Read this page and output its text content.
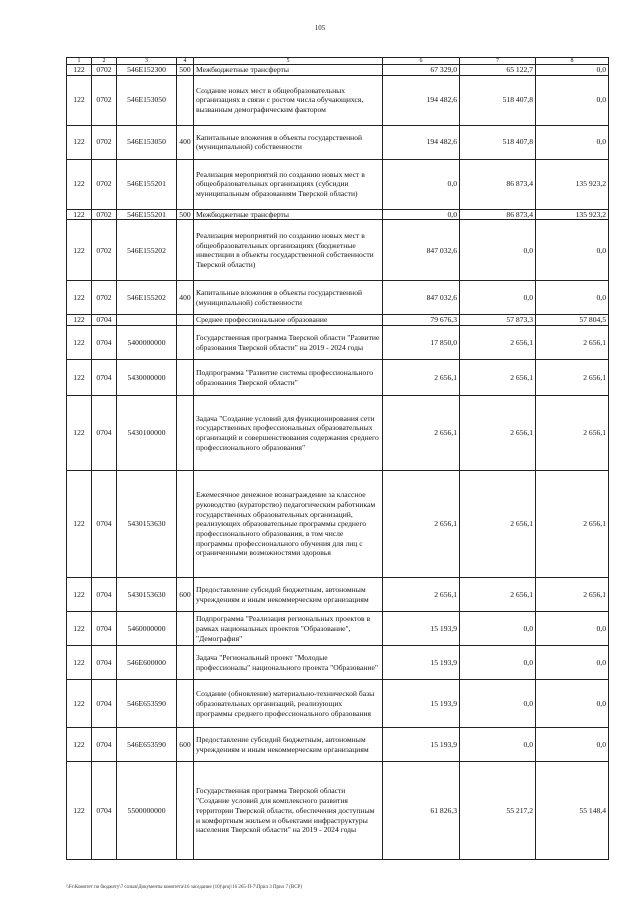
105
1	2	3	4	5	6	7	8
122	0702	546E152300	500	Межбюджетные трансферты	67 329,0	65 122,7	0,0
122	0702	546E153050		Создание новых мест в общеобразовательных организациях в связи с ростом числа обучающихся, вызванным демографическим фактором	194 482,6	518 407,8	0,0
122	0702	546E153050	400	Капитальные вложения в объекты государственной (муниципальной) собственности	194 482,6	518 407,8	0,0
122	0702	546E155201		Реализация мероприятий по созданию новых мест в общеобразовательных организациях (субсидии муниципальным образованиям Тверской области)	0,0	86 873,4	135 923,2
122	0702	546E155201	500	Межбюджетные трансферты	0,0	86 873,4	135 923,2
122	0702	546E155202		Реализация мероприятий по созданию новых мест в общеобразовательных организациях (бюджетные инвестиции в объекты государственной собственности Тверской области)	847 032,6	0,0	0,0
122	0702	546E155202	400	Капитальные вложения в объекты государственной (муниципальной) собственности	847 032,6	0,0	0,0
122	0704			Среднее профессиональное образование	79 676,3	57 873,3	57 804,5
122	0704	5400000000		Государственная программа Тверской области "Развитие образования Тверской области" на 2019 - 2024 годы	17 850,0	2 656,1	2 656,1
122	0704	5430000000		Подпрограмма "Развитие системы профессионального образования Тверской области"	2 656,1	2 656,1	2 656,1
122	0704	5430100000		Задача "Создание условий для функционирования сети государственных профессиональных образовательных организаций и совершенствования содержания среднего профессионального образования"	2 656,1	2 656,1	2 656,1
122	0704	5430153630		Ежемесячное денежное вознаграждение за классное руководство (кураторство) педагогическим работникам государственных образовательных организаций, реализующих образовательные программы среднего профессионального образования, в том числе программы профессионального обучения для лиц с ограниченными возможностями здоровья	2 656,1	2 656,1	2 656,1
122	0704	5430153630	600	Предоставление субсидий бюджетным, автономным учреждениям и иным некоммерческим организациям	2 656,1	2 656,1	2 656,1
122	0704	5460000000		Подпрограмма "Реализация региональных проектов в рамках национальных проектов "Образование", "Демография"	15 193,9	0,0	0,0
122	0704	546E600000		Задача "Региональный проект "Молодые профессионалы" национального проекта "Образование"	15 193,9	0,0	0,0
122	0704	546E653590		Создание (обновление) материально-технической базы образовательных организаций, реализующих программы среднего профессионального образования	15 193,9	0,0	0,0
122	0704	546E653590	600	Предоставление субсидий бюджетным, автономным учреждениям и иным некоммерческим организациям	15 193,9	0,0	0,0
122	0704	5500000000		Государственная программа Тверской области "Создание условий для комплексного развития территории Тверской области, обеспечения доступным и комфортным жильем и объектами инфраструктуры населения Тверской области" на 2019 - 2024 годы	61 826,3	55 217,2	55 148,4
\\Fs\Комитет по бюджету\7 созыв\Документы комитета\16 заседание (10)\proj\16 265-П-7\Прил 3 Прил 7 (ВСР)
